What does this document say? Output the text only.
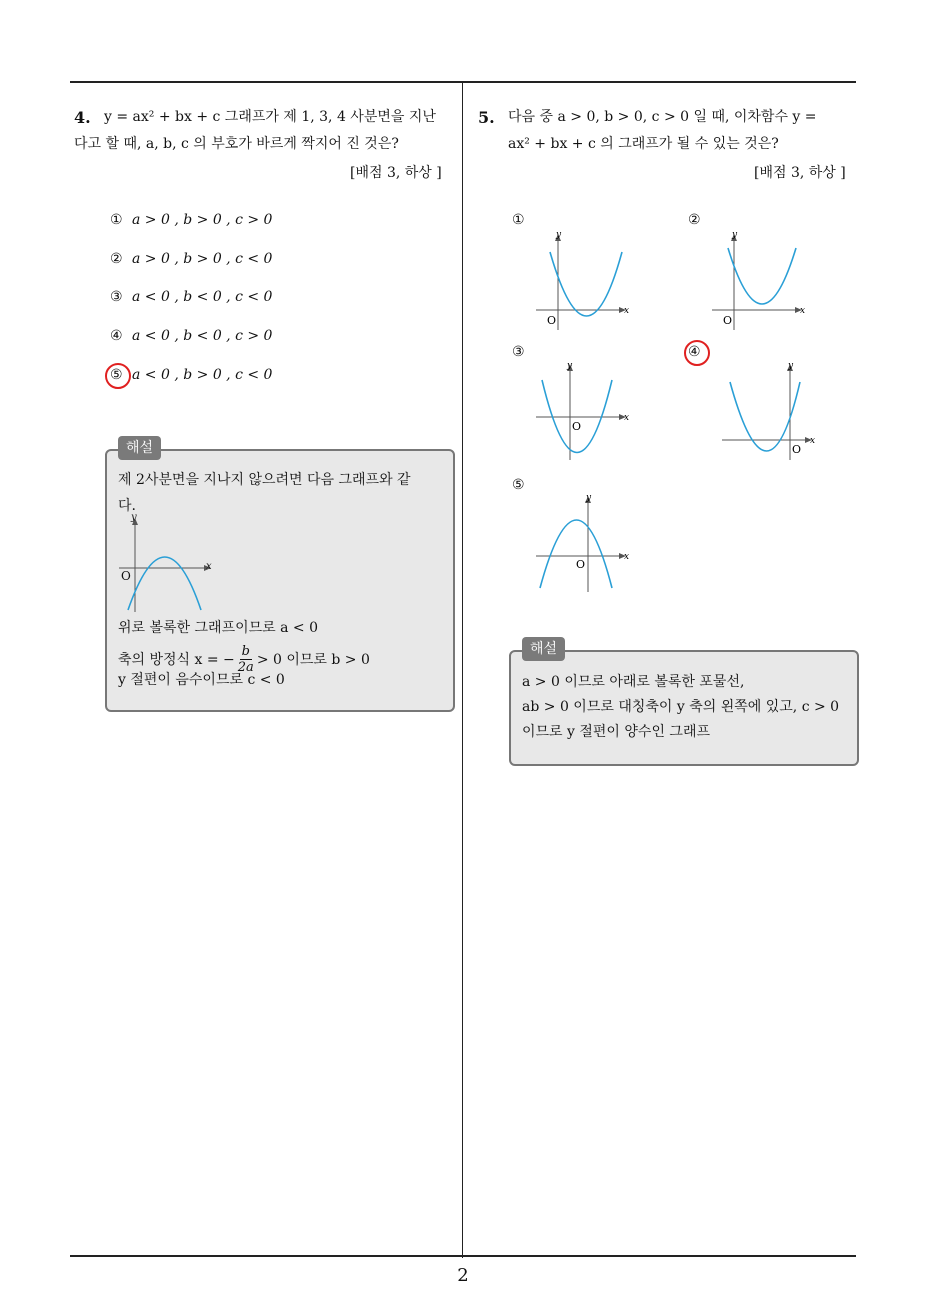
4. y = ax² + bx + c 그래프가 제 1, 3, 4 사분면을 지난
다고 할 때, a, b, c 의 부호가 바르게 짝지어 진 것은?
[배점 3, 하상 ]
① a > 0 , b > 0 , c > 0
② a > 0 , b > 0 , c < 0
③ a < 0 , b < 0 , c < 0
④ a < 0 , b < 0 , c > 0
⑤ a < 0 , b > 0 , c < 0
해설
제 2사분면을 지나지 않으려면 다음 그래프와 같
다.
y
x
O
위로 볼록한 그래프이므로 a < 0
축의 방정식 x = − $\frac{b}{2a} > 0$ 이므로 b > 0
y 절편이 음수이므로 c < 0
5. 다음 중 a > 0, b > 0, c > 0 일 때, 이차함수 y =
ax² + bx + c 의 그래프가 될 수 있는 것은?
[배점 3, 하상 ]
①	②
③	④
⑤
y
x
O
y
x
O
y
x
O
y
x
O
y
x
O
해설
a > 0 이므로 아래로 볼록한 포물선,
ab > 0 이므로 대칭축이 y 축의 왼쪽에 있고, c > 0
이므로 y 절편이 양수인 그래프
2
